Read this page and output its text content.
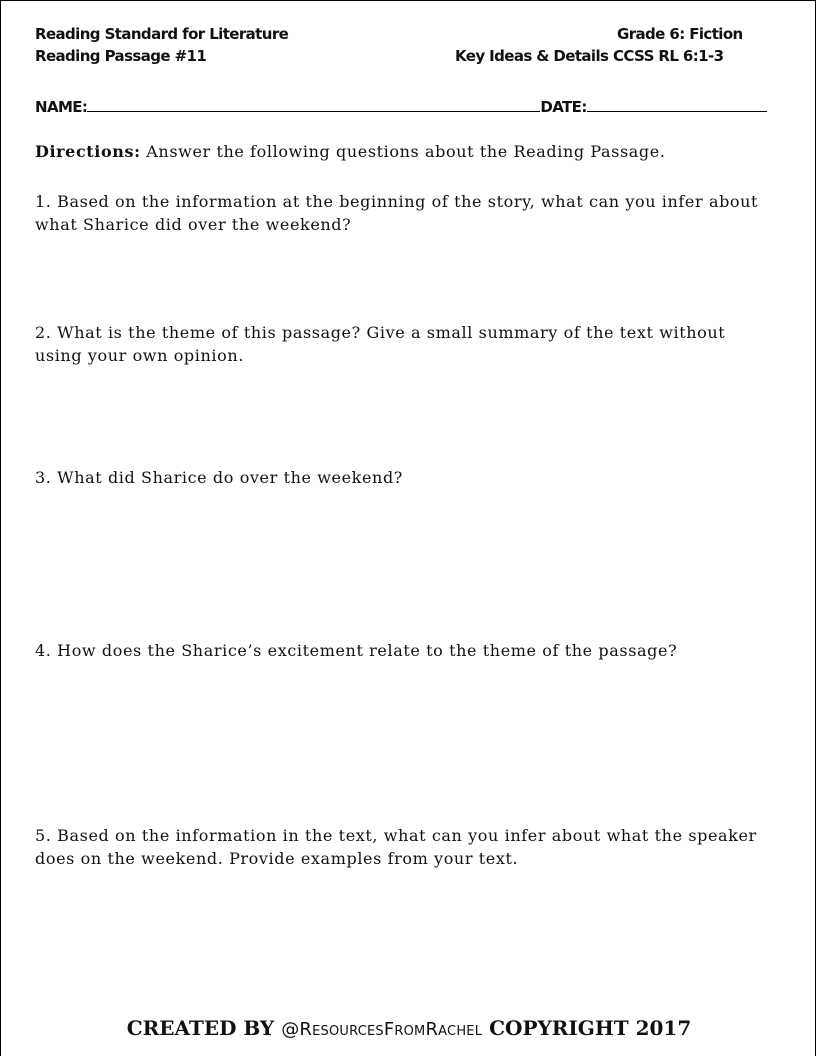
Reading Standard for Literature
Reading Passage #11
Grade 6: Fiction
Key Ideas & Details CCSS RL 6:1-3
NAME:	DATE:

Directions: Answer the following questions about the Reading Passage.

1. Based on the information at the beginning of the story, what can you infer about what Sharice did over the weekend?

2. What is the theme of this passage? Give a small summary of the text without using your own opinion.

3. What did Sharice do over the weekend?

4. How does the Sharice’s excitement relate to the theme of the passage?

5. Based on the information in the text, what can you infer about what the speaker does on the weekend. Provide examples from your text.

CREATED BY @ResourcesFromRachel COPYRIGHT 2017
